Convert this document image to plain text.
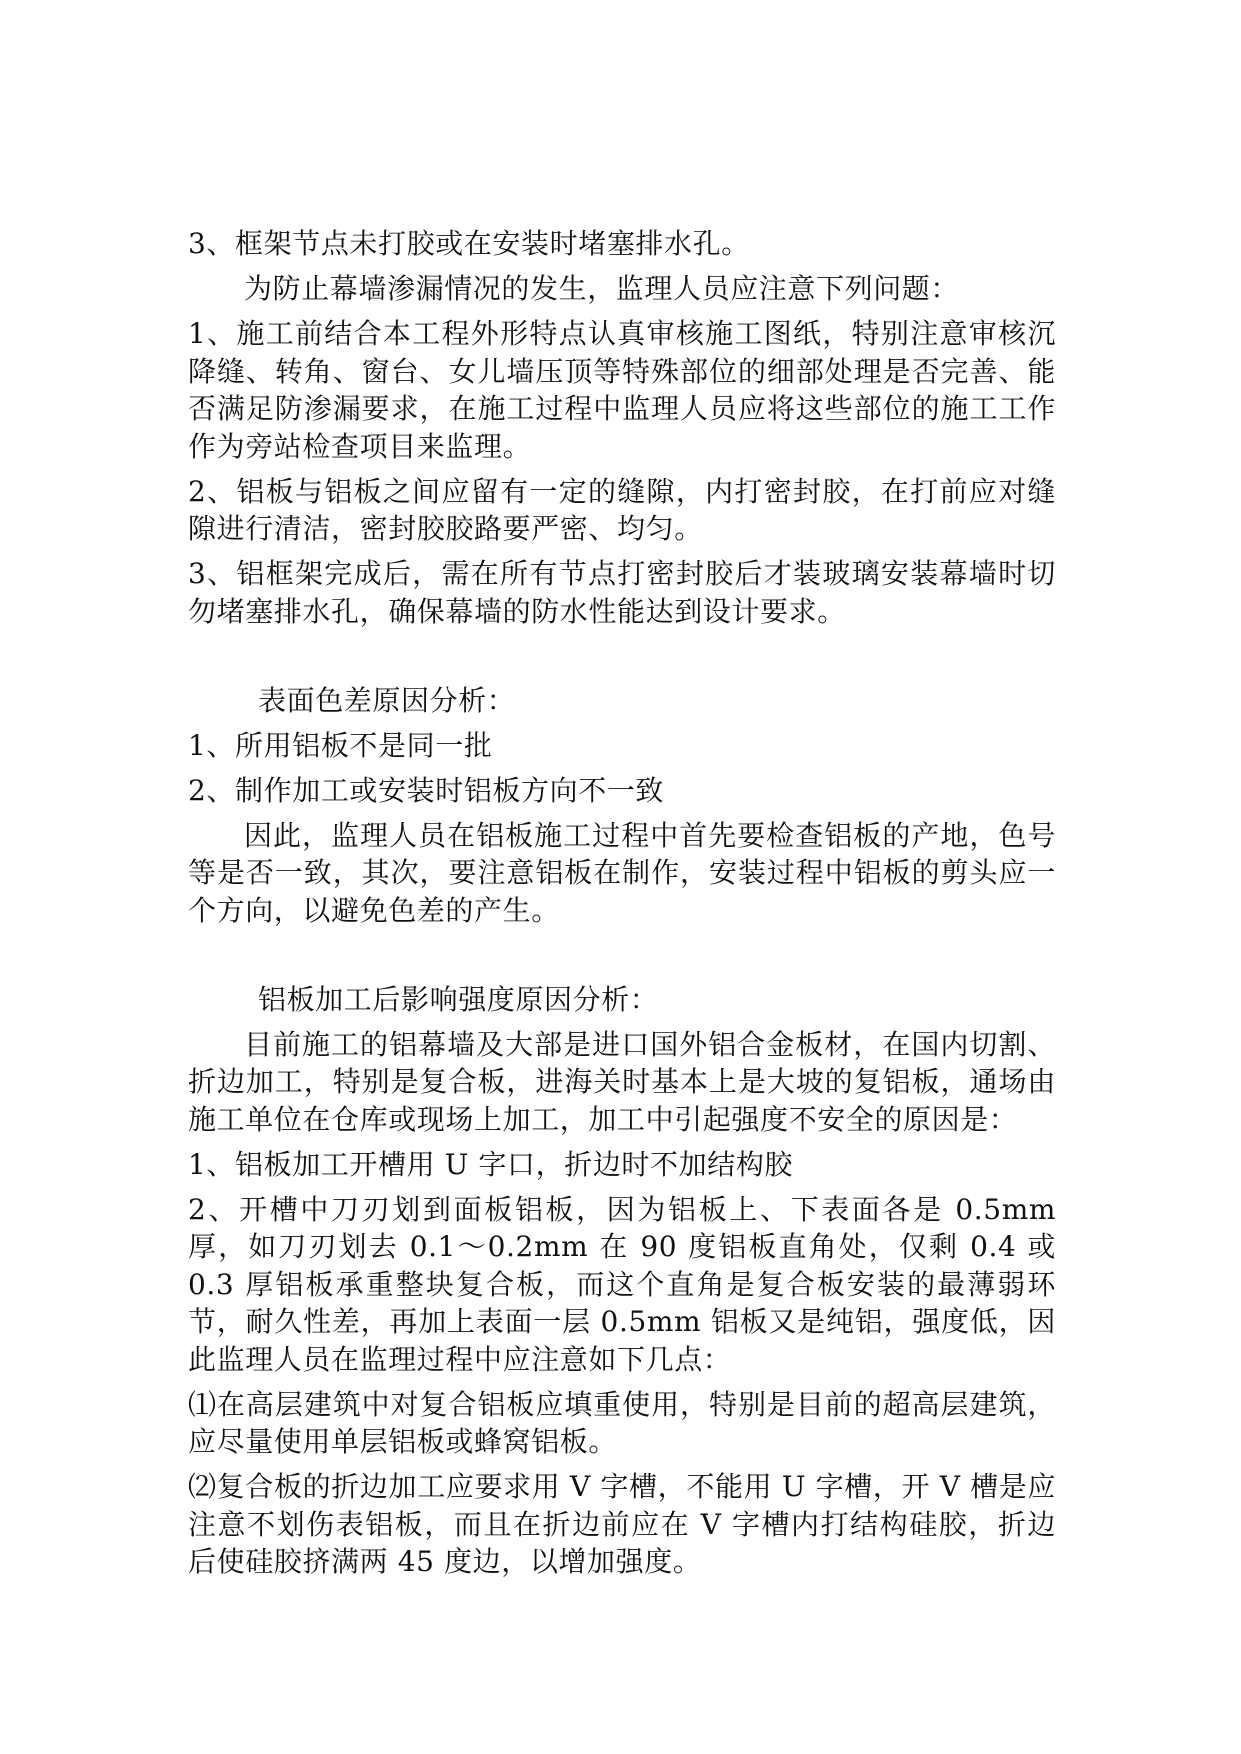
3、框架节点未打胶或在安装时堵塞排水孔。

为防止幕墙渗漏情况的发生，监理人员应注意下列问题：

1、施工前结合本工程外形特点认真审核施工图纸，特别注意审核沉降缝、转角、窗台、女儿墙压顶等特殊部位的细部处理是否完善、能否满足防渗漏要求，在施工过程中监理人员应将这些部位的施工工作作为旁站检查项目来监理。

2、铝板与铝板之间应留有一定的缝隙，内打密封胶，在打前应对缝隙进行清洁，密封胶胶路要严密、均匀。

3、铝框架完成后，需在所有节点打密封胶后才装玻璃安装幕墙时切勿堵塞排水孔，确保幕墙的防水性能达到设计要求。

表面色差原因分析：

1、所用铝板不是同一批

2、制作加工或安装时铝板方向不一致

因此，监理人员在铝板施工过程中首先要检查铝板的产地，色号等是否一致，其次，要注意铝板在制作，安装过程中铝板的剪头应一个方向，以避免色差的产生。

铝板加工后影响强度原因分析：

目前施工的铝幕墙及大部是进口国外铝合金板材，在国内切割、折边加工，特别是复合板，进海关时基本上是大坡的复铝板，通场由施工单位在仓库或现场上加工，加工中引起强度不安全的原因是：

1、铝板加工开槽用 U 字口，折边时不加结构胶

2、开槽中刀刃划到面板铝板，因为铝板上、下表面各是 0.5mm 厚，如刀刃划去 0.1～0.2mm 在 90 度铝板直角处，仅剩 0.4 或 0.3 厚铝板承重整块复合板，而这个直角是复合板安装的最薄弱环节，耐久性差，再加上表面一层 0.5mm 铝板又是纯铝，强度低，因此监理人员在监理过程中应注意如下几点：

⑴在高层建筑中对复合铝板应填重使用，特别是目前的超高层建筑，应尽量使用单层铝板或蜂窝铝板。

⑵复合板的折边加工应要求用 V 字槽，不能用 U 字槽，开 V 槽是应注意不划伤表铝板，而且在折边前应在 V 字槽内打结构硅胶，折边后使硅胶挤满两 45 度边，以增加强度。
